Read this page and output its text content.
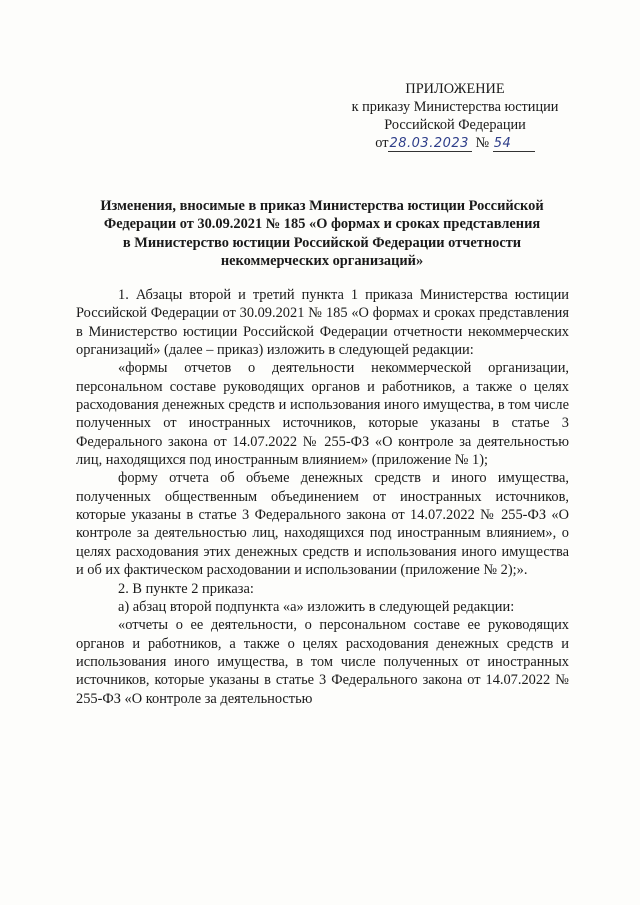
ПРИЛОЖЕНИЕ
к приказу Министерства юстиции
Российской Федерации
от28.03.2023 № 54
Изменения, вносимые в приказ Министерства юстиции Российской
Федерации от 30.09.2021 № 185 «О формах и сроках представления
в Министерство юстиции Российской Федерации отчетности
некоммерческих организаций»

1. Абзацы второй и третий пункта 1 приказа Министерства юстиции Российской Федерации от 30.09.2021 № 185 «О формах и сроках представления в Министерство юстиции Российской Федерации отчетности некоммерческих организаций» (далее – приказ) изложить в следующей редакции:

«формы отчетов о деятельности некоммерческой организации, персональном составе руководящих органов и работников, а также о целях расходования денежных средств и использования иного имущества, в том числе полученных от иностранных источников, которые указаны в статье 3 Федерального закона от 14.07.2022 № 255-ФЗ «О контроле за деятельностью лиц, находящихся под иностранным влиянием» (приложение № 1);

форму отчета об объеме денежных средств и иного имущества, полученных общественным объединением от иностранных источников, которые указаны в статье 3 Федерального закона от 14.07.2022 № 255-ФЗ «О контроле за деятельностью лиц, находящихся под иностранным влиянием», о целях расходования этих денежных средств и использования иного имущества и об их фактическом расходовании и использовании (приложение № 2);».

2. В пункте 2 приказа:

а) абзац второй подпункта «а» изложить в следующей редакции:

«отчеты о ее деятельности, о персональном составе ее руководящих органов и работников, а также о целях расходования денежных средств и использования иного имущества, в том числе полученных от иностранных источников, которые указаны в статье 3 Федерального закона от 14.07.2022 № 255-ФЗ «О контроле за деятельностью
